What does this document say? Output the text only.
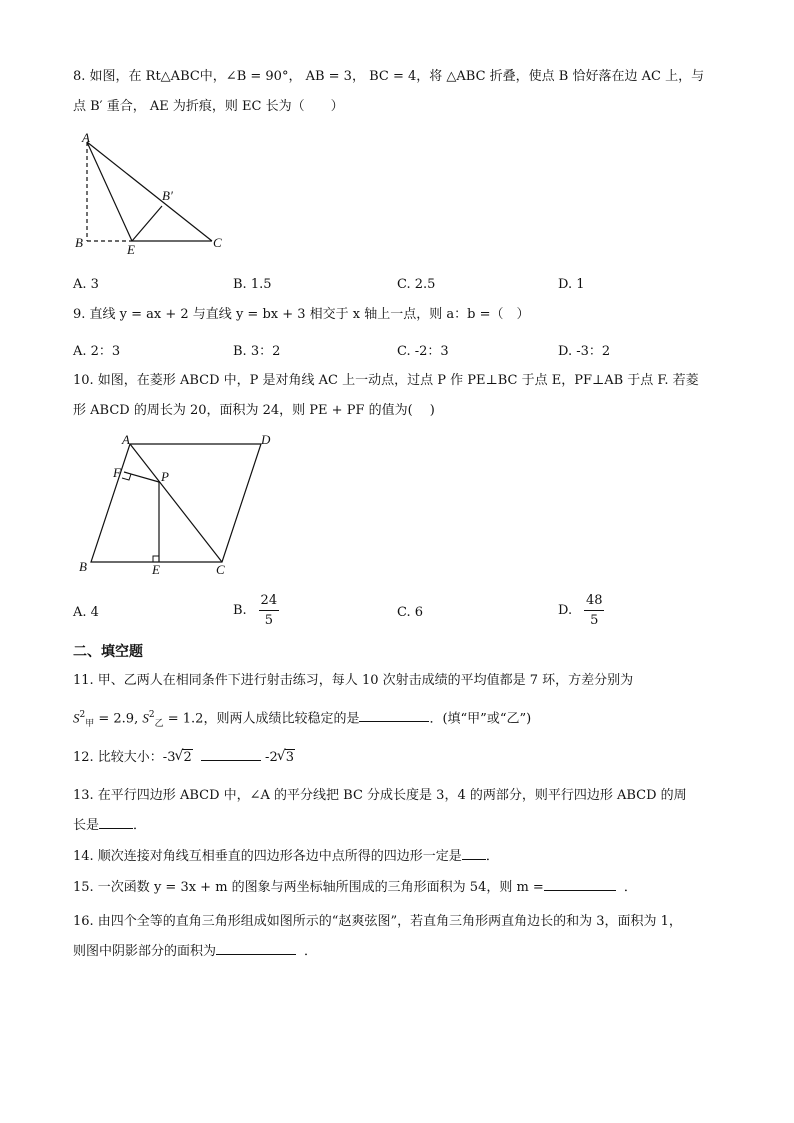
8. 如图，在 Rt△ABC中，∠B = 90°， AB = 3， BC = 4，将 △ABC 折叠，使点 B 恰好落在边 AC 上，与
点 B′ 重合， AE 为折痕，则 EC 长为（　　）
A
B
B′
E	C
A. 3	B. 1.5	C. 2.5	D. 1
9. 直线 y = ax + 2 与直线 y = bx + 3 相交于 x 轴上一点，则 a：b =（　）
A. 2：3	B. 3：2	C. -2：3	D. -3：2
10. 如图，在菱形 ABCD 中，P 是对角线 AC 上一动点，过点 P 作 PE⊥BC 于点 E，PF⊥AB 于点 F. 若菱
形 ABCD 的周长为 20，面积为 24，则 PE + PF 的值为(　 )
A	D
F	P
B	E	C
A. 4	B. $\frac{24}{5}$	C. 6	D. $\frac{48}{5}$
二、填空题
11. 甲、乙两人在相同条件下进行射击练习，每人 10 次射击成绩的平均值都是 7 环，方差分别为
$S^2_甲 = 2.9$, $S^2_乙 = 1.2$，则两人成绩比较稳定的是	．(填“甲”或“乙”)
12. 比较大小：-3 √ 2	-2 √ 3
13. 在平行四边形 ABCD 中，∠A 的平分线把 BC 分成长度是 3，4 的两部分，则平行四边形 ABCD 的周
长是	．
14. 顺次连接对角线互相垂直的四边形各边中点所得的四边形一定是 ．
15. 一次函数 y = 3x + m 的图象与两坐标轴所围成的三角形面积为 54，则 m =	．
16. 由四个全等的直角三角形组成如图所示的“赵爽弦图”，若直角三角形两直角边长的和为 3，面积为 1，
则图中阴影部分的面积为	．
